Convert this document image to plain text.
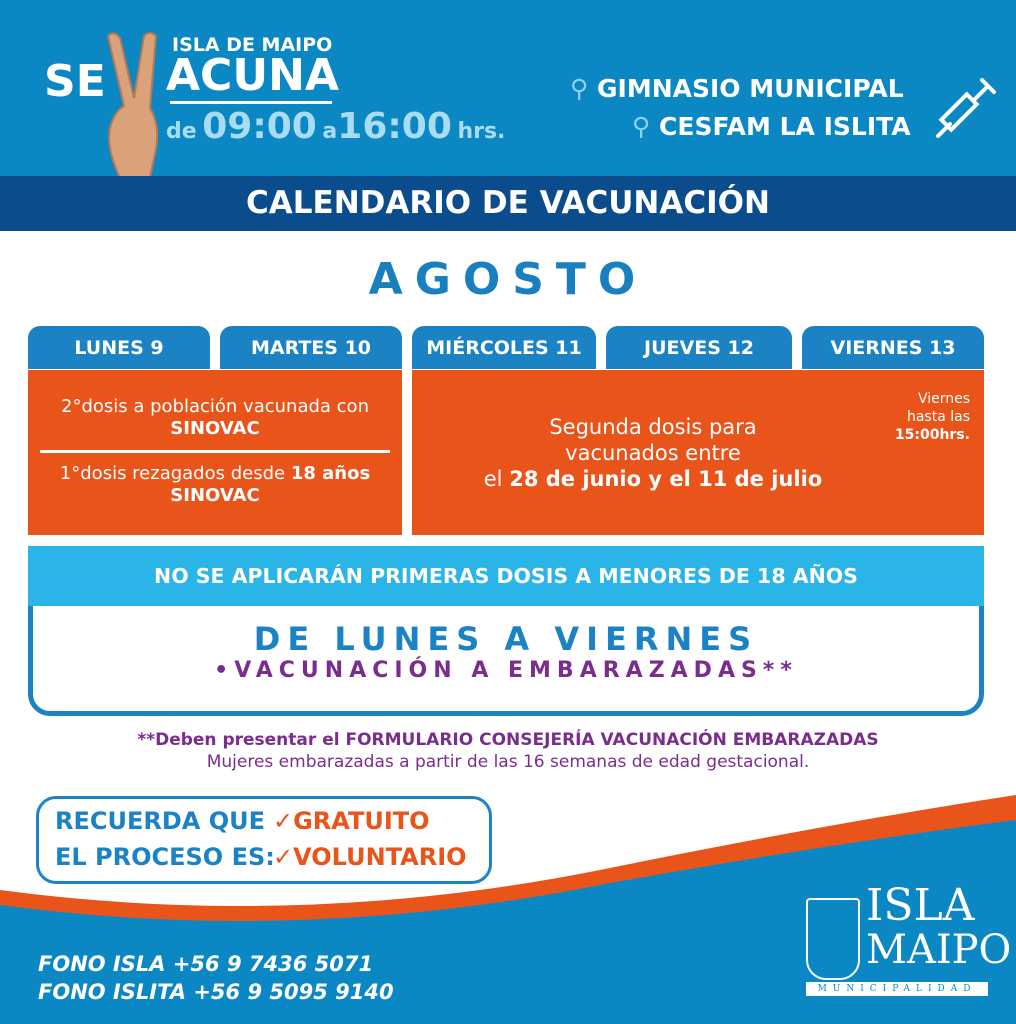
SE
ISLA DE MAIPO
ACUNA
de 09:00 a16:00 hrs.
⚲ GIMNASIO MUNICIPAL
⚲ CESFAM LA ISLITA
CALENDARIO DE VACUNACIÓN
AGOSTO
LUNES 9	MARTES 10	MIÉRCOLES 11	JUEVES 12	VIERNES 13
2°dosis a población vacunada con
SINOVAC
1°dosis rezagados desde 18 años
SINOVAC
Segunda dosis para
vacunados entre
el 28 de junio y el 11 de julio
Viernes
hasta las
15:00hrs.
NO SE APLICARÁN PRIMERAS DOSIS A MENORES DE 18 AÑOS
DE LUNES A VIERNES
•VACUNACIÓN A EMBARAZADAS**
**Deben presentar el FORMULARIO CONSEJERÍA VACUNACIÓN EMBARAZADAS
Mujeres embarazadas a partir de las 16 semanas de edad gestacional.
RECUERDA QUE
EL PROCESO ES:
✓GRATUITO
✓VOLUNTARIO
FONO ISLA +56 9 7436 5071
FONO ISLITA +56 9 5095 9140
ISLA
MAIPO
MUNICIPALIDAD
